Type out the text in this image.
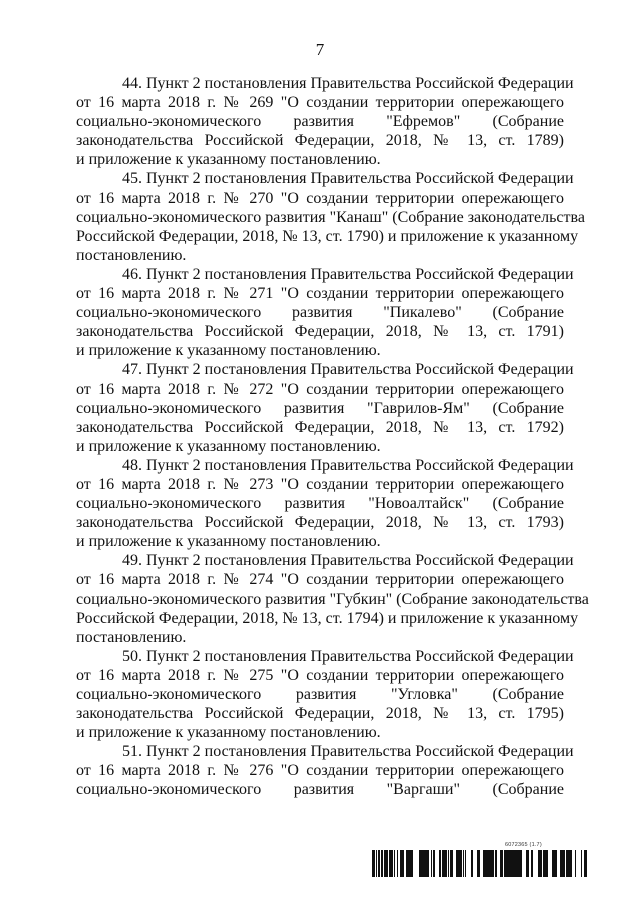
7

44. Пункт 2 постановления Правительства Российской Федерации
от 16 марта 2018 г. № 269 "О создании территории опережающего
социально-экономического развития "Ефремов" (Собрание
законодательства Российской Федерации, 2018, № 13, ст. 1789)
и приложение к указанному постановлению.

45. Пункт 2 постановления Правительства Российской Федерации
от 16 марта 2018 г. № 270 "О создании территории опережающего
социально-экономического развития "Канаш" (Собрание законодательства
Российской Федерации, 2018, № 13, ст. 1790) и приложение к указанному
постановлению.

46. Пункт 2 постановления Правительства Российской Федерации
от 16 марта 2018 г. № 271 "О создании территории опережающего
социально-экономического развития "Пикалево" (Собрание
законодательства Российской Федерации, 2018, № 13, ст. 1791)
и приложение к указанному постановлению.

47. Пункт 2 постановления Правительства Российской Федерации
от 16 марта 2018 г. № 272 "О создании территории опережающего
социально-экономического развития "Гаврилов-Ям" (Собрание
законодательства Российской Федерации, 2018, № 13, ст. 1792)
и приложение к указанному постановлению.

48. Пункт 2 постановления Правительства Российской Федерации
от 16 марта 2018 г. № 273 "О создании территории опережающего
социально-экономического развития "Новоалтайск" (Собрание
законодательства Российской Федерации, 2018, № 13, ст. 1793)
и приложение к указанному постановлению.

49. Пункт 2 постановления Правительства Российской Федерации
от 16 марта 2018 г. № 274 "О создании территории опережающего
социально-экономического развития "Губкин" (Собрание законодательства
Российской Федерации, 2018, № 13, ст. 1794) и приложение к указанному
постановлению.

50. Пункт 2 постановления Правительства Российской Федерации
от 16 марта 2018 г. № 275 "О создании территории опережающего
социально-экономического развития "Угловка" (Собрание
законодательства Российской Федерации, 2018, № 13, ст. 1795)
и приложение к указанному постановлению.

51. Пункт 2 постановления Правительства Российской Федерации
от 16 марта 2018 г. № 276 "О создании территории опережающего
социально-экономического развития "Варгаши" (Собрание

6072365 (1.7)
